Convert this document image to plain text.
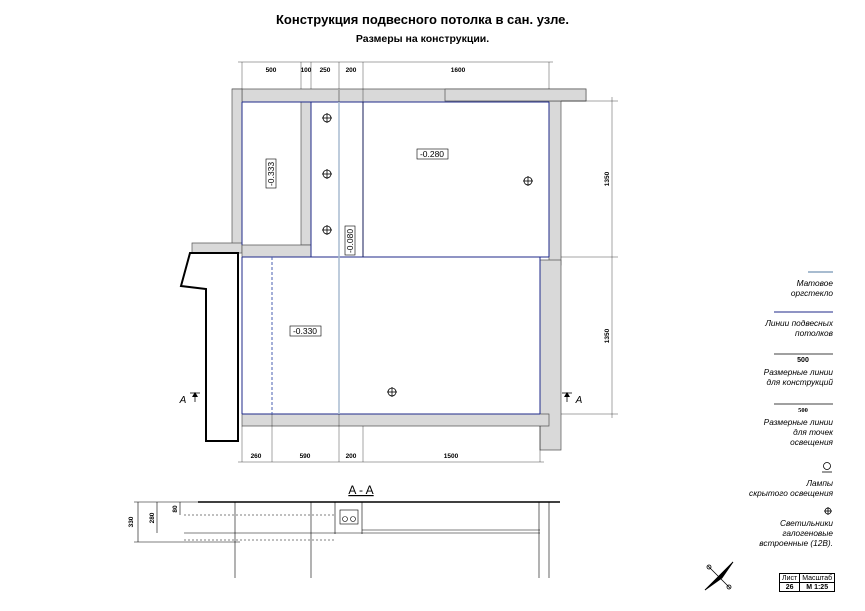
Конструкция подвесного потолка в сан. узле.
Размеры на конструкции.
500	100 250 200	1600
260	590	200	1500
1350
1350
-0.333
-0.080
-0.280
-0.330
A	A
A - A
330 280
80
Матовое
оргстекло
Линии подвесных
потолков
500
Размерные линии
для конструкций
500
Размерные линии
для точек
освещения
Лампы
скрытого освещения
Светильники
галогеновые
встроенные (12В).
Лист	Масштаб
26	М 1:25
